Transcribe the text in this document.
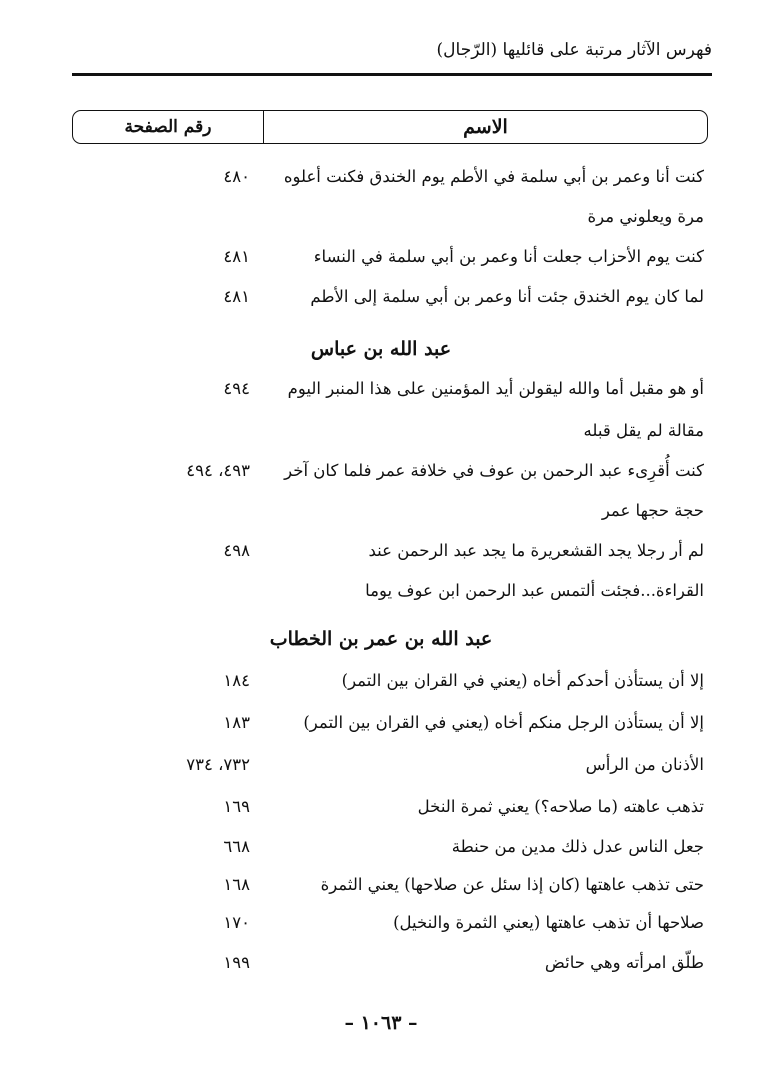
فهرس الآثار مرتبة على قائليها (الرّجال)
الاسم
رقم الصفحة
كنت أنا وعمر بن أبي سلمة في الأطم يوم الخندق فكنت أعلوه
٤٨٠
مرة ويعلوني مرة
كنت يوم الأحزاب جعلت أنا وعمر بن أبي سلمة في النساء
٤٨١
لما كان يوم الخندق جئت أنا وعمر بن أبي سلمة إلى الأطم
٤٨١
عبد الله بن عباس
أو هو مقبل أما والله ليقولن أيد المؤمنين على هذا المنبر اليوم
٤٩٤
مقالة لم يقل قبله
كنت أُقرِىء عبد الرحمن بن عوف في خلافة عمر فلما كان آخر
٤٩٣، ٤٩٤
حجة حجها عمر
لم أر رجلا يجد القشعريرة ما يجد عبد الرحمن عند
٤٩٨
القراءة...فجئت ألتمس عبد الرحمن ابن عوف يوما
عبد الله بن عمر بن الخطاب
إلا أن يستأذن أحدكم أخاه (يعني في القران بين التمر)
١٨٤
إلا أن يستأذن الرجل منكم أخاه (يعني في القران بين التمر)
١٨٣
الأذنان من الرأس
٧٣٢، ٧٣٤
تذهب عاهته (ما صلاحه؟) يعني ثمرة النخل
١٦٩
جعل الناس عدل ذلك مدين من حنطة
٦٦٨
حتى تذهب عاهتها (كان إذا سئل عن صلاحها) يعني الثمرة
١٦٨
صلاحها أن تذهب عاهتها (يعني الثمرة والنخيل)
١٧٠
طلّق امرأته وهي حائض
١٩٩
– ١٠٦٣ –
